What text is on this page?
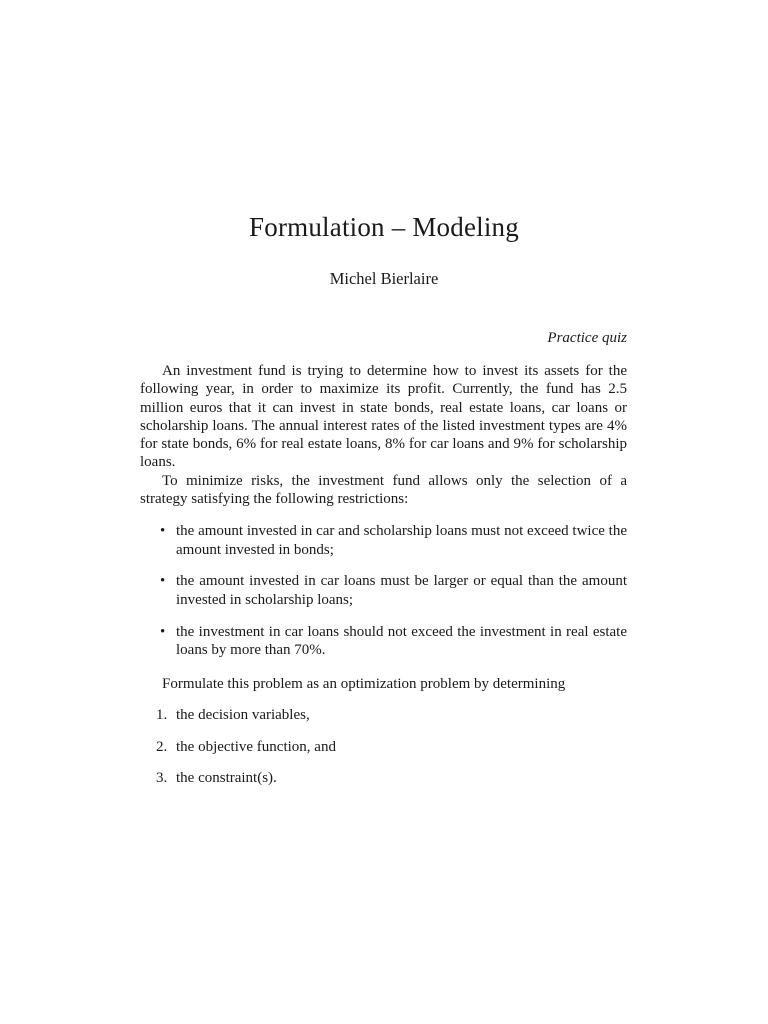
Formulation – Modeling
Michel Bierlaire
Practice quiz

An investment fund is trying to determine how to invest its assets for the following year, in order to maximize its profit. Currently, the fund has 2.5 million euros that it can invest in state bonds, real estate loans, car loans or scholarship loans. The annual interest rates of the listed investment types are 4% for state bonds, 6% for real estate loans, 8% for car loans and 9% for scholarship loans.

To minimize risks, the investment fund allows only the selection of a strategy satisfying the following restrictions:

• the amount invested in car and scholarship loans must not exceed twice the amount invested in bonds;
• the amount invested in car loans must be larger or equal than the amount invested in scholarship loans;
• the investment in car loans should not exceed the investment in real estate loans by more than 70%.

Formulate this problem as an optimization problem by determining

1. the decision variables,
2. the objective function, and
3. the constraint(s).
